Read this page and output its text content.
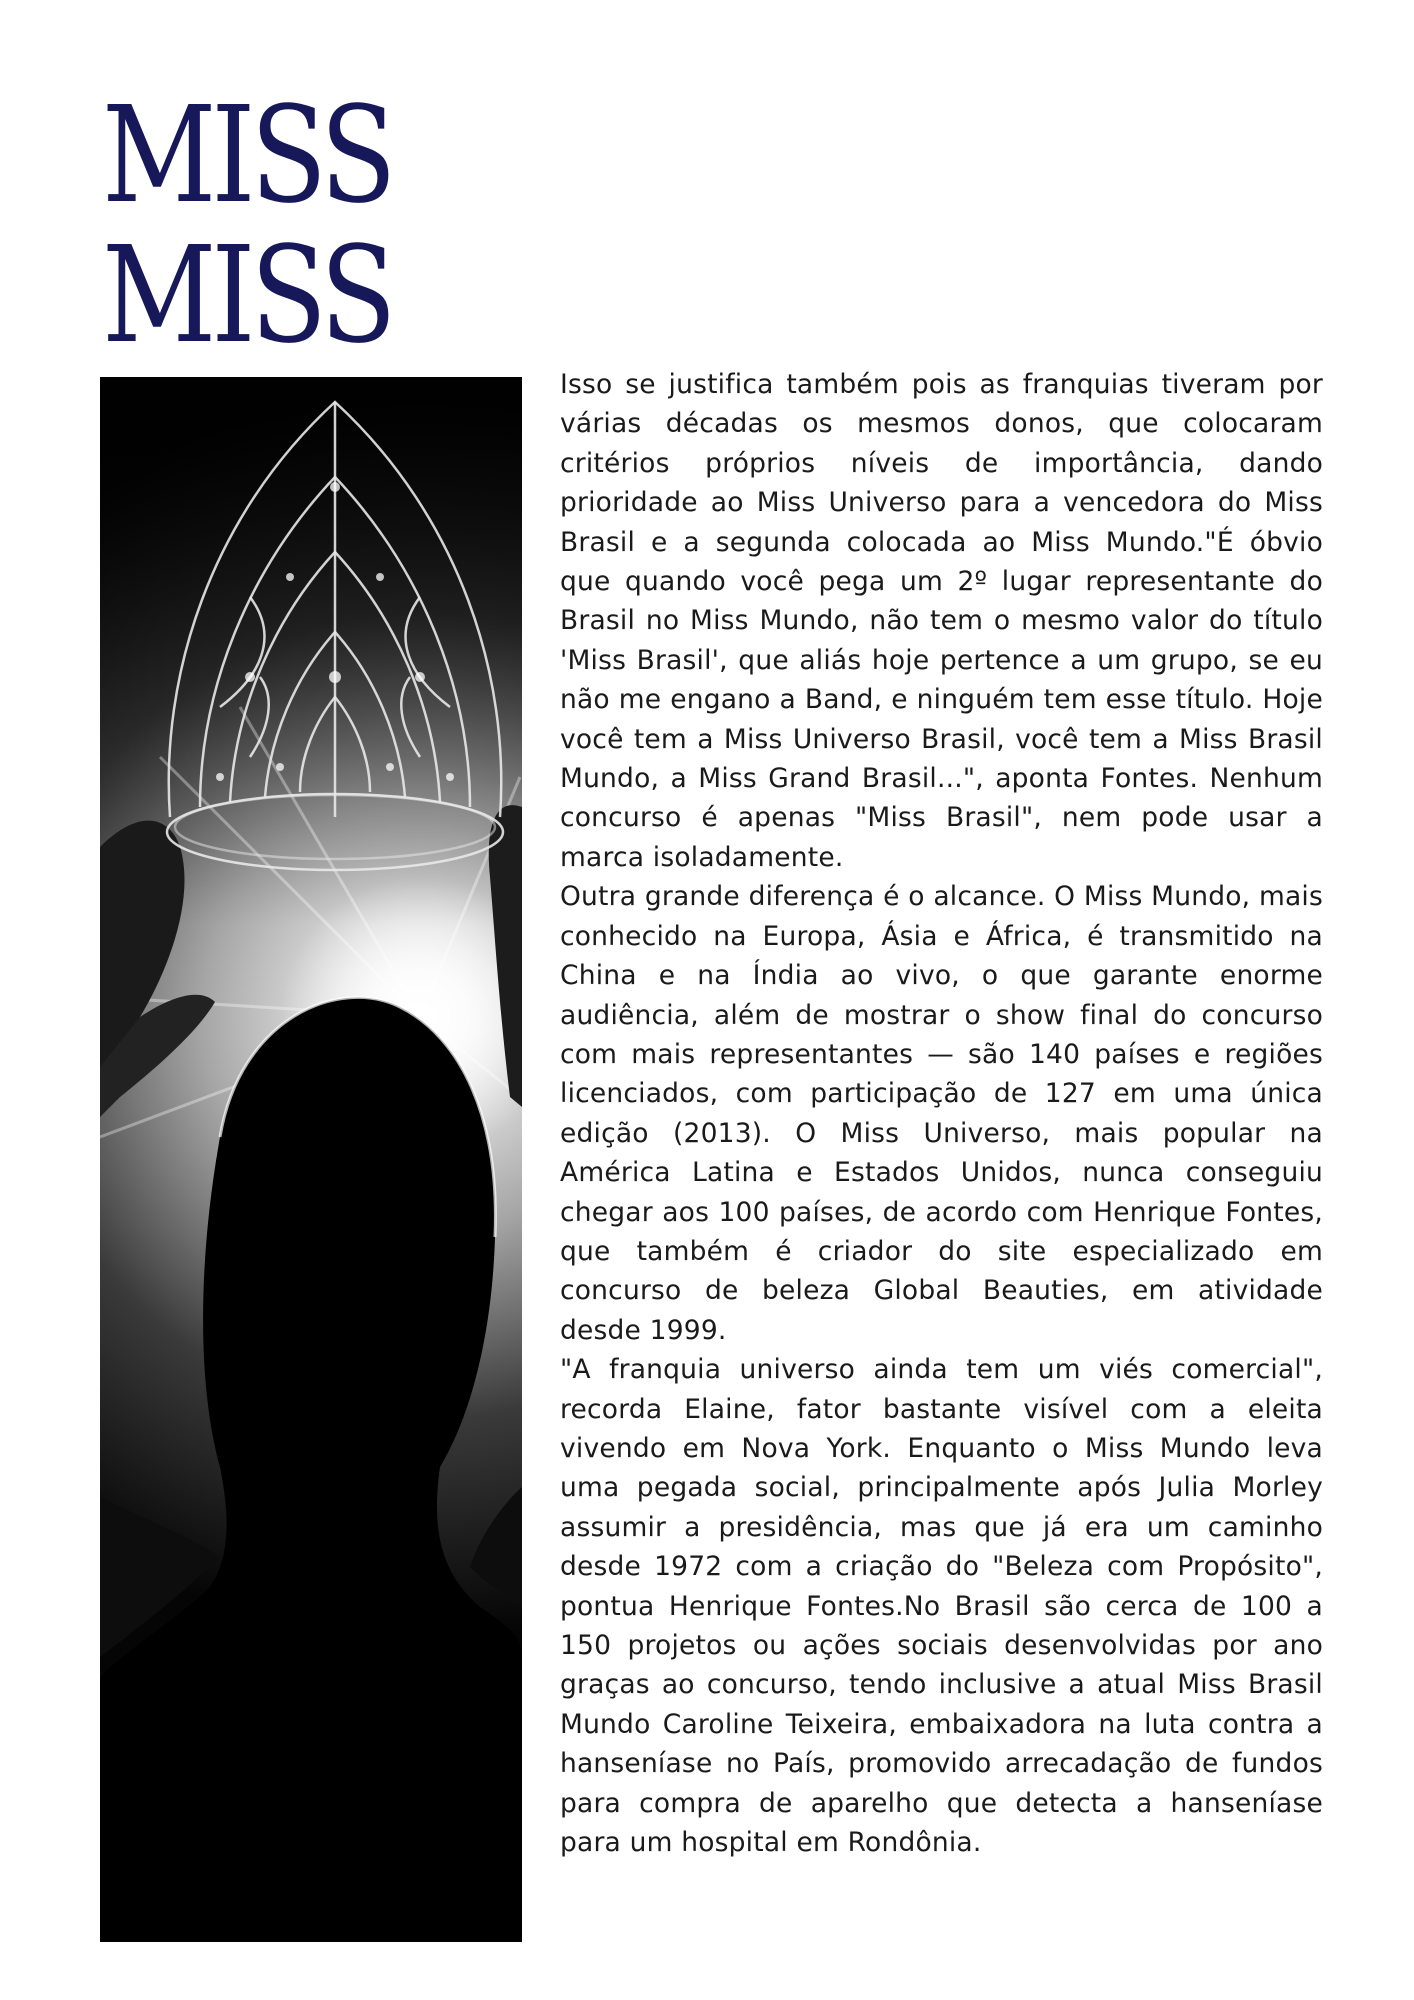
MISS
MISS

Isso se justifica também pois as franquias tiveram por várias décadas os mesmos donos, que colocaram critérios próprios níveis de importância, dando prioridade ao Miss Universo para a vencedora do Miss Brasil e a segunda colocada ao Miss Mundo."É óbvio que quando você pega um 2º lugar representante do Brasil no Miss Mundo, não tem o mesmo valor do título 'Miss Brasil', que aliás hoje pertence a um grupo, se eu não me engano a Band, e ninguém tem esse título. Hoje você tem a Miss Universo Brasil, você tem a Miss Brasil Mundo, a Miss Grand Brasil...", aponta Fontes. Nenhum concurso é apenas "Miss Brasil", nem pode usar a marca isoladamente.

Outra grande diferença é o alcance. O Miss Mundo, mais conhecido na Europa, Ásia e África, é transmitido na China e na Índia ao vivo, o que garante enorme audiência, além de mostrar o show final do concurso com mais representantes — são 140 países e regiões licenciados, com participação de 127 em uma única edição (2013). O Miss Universo, mais popular na América Latina e Estados Unidos, nunca conseguiu chegar aos 100 países, de acordo com Henrique Fontes, que também é criador do site especializado em concurso de beleza Global Beauties, em atividade desde 1999.

"A franquia universo ainda tem um viés comercial", recorda Elaine, fator bastante visível com a eleita vivendo em Nova York. Enquanto o Miss Mundo leva uma pegada social, principalmente após Julia Morley assumir a presidência, mas que já era um caminho desde 1972 com a criação do "Beleza com Propósito", pontua Henrique Fontes.No Brasil são cerca de 100 a 150 projetos ou ações sociais desenvolvidas por ano graças ao concurso, tendo inclusive a atual Miss Brasil Mundo Caroline Teixeira, embaixadora na luta contra a hanseníase no País, promovido arrecadação de fundos para compra de aparelho que detecta a hanseníase para um hospital em Rondônia.
